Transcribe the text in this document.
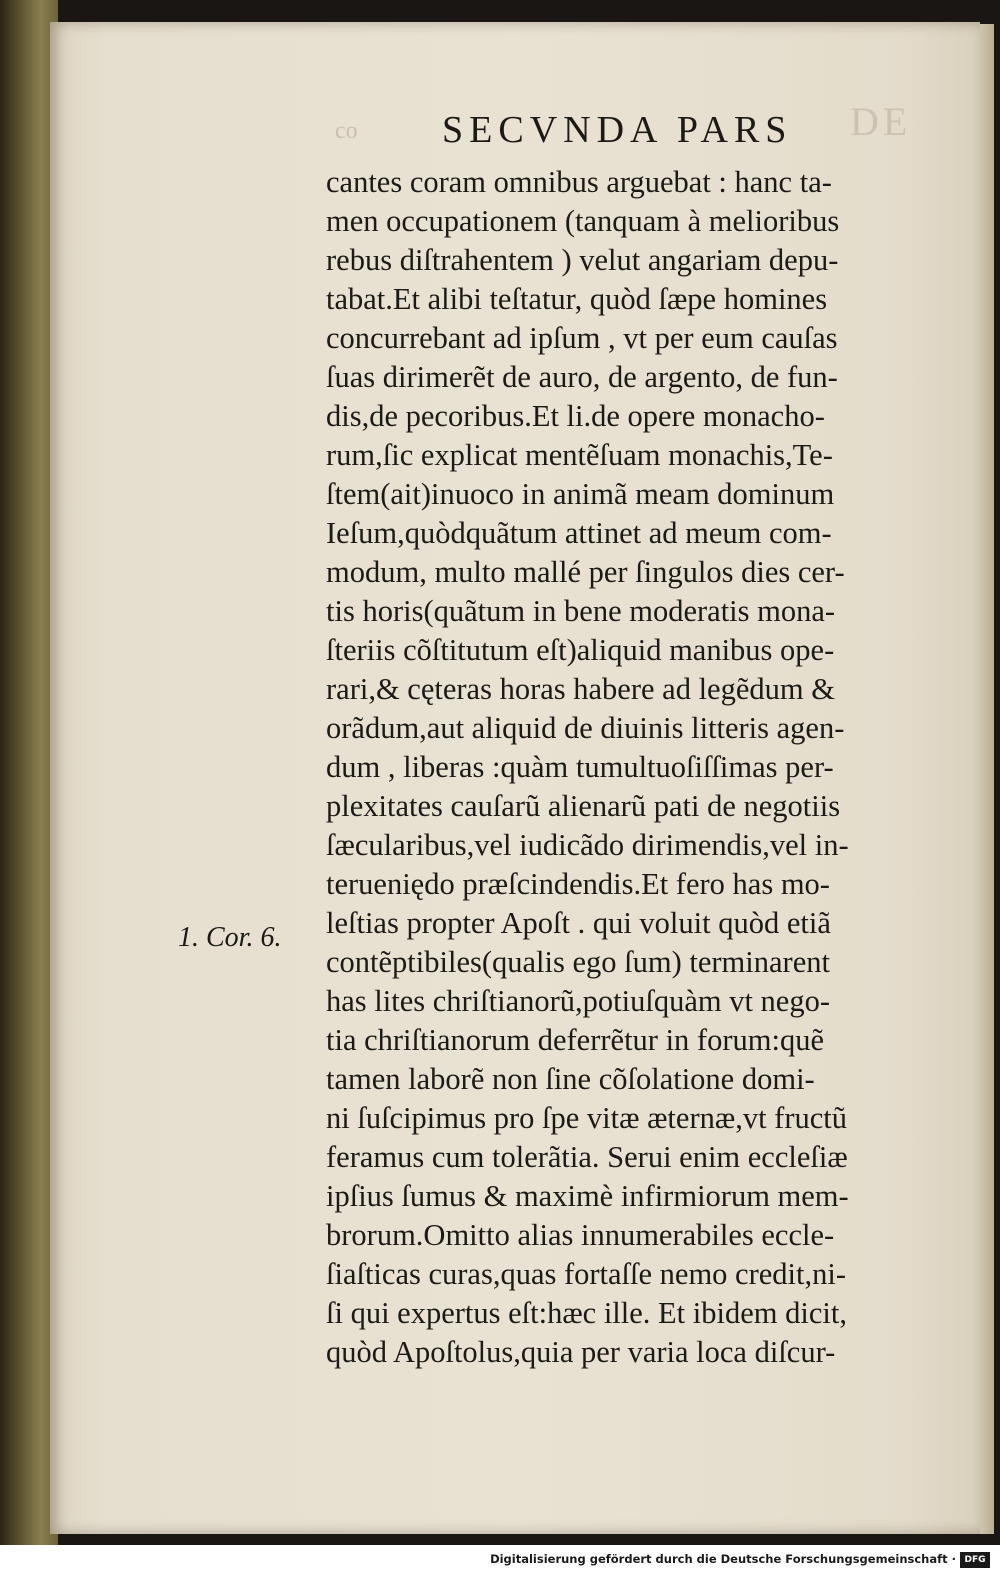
DE
co SECVNDA PARS
cantes coram omnibus arguebat : hanc ta-
men occupationem (tanquam à melioribus
rebus diſtrahentem ) velut angariam depu-
tabat.Et alibi teſtatur, quòd ſæpe homines
concurrebant ad ipſum , vt per eum cauſas
ſuas dirimerẽt de auro, de argento, de fun-
dis,de pecoribus.Et li.de opere monacho-
rum,ſic explicat mentẽſuam monachis,Te-
ſtem(ait)inuoco in animã meam dominum
Ieſum,quòdquãtum attinet ad meum com-
modum, multo mallé per ſingulos dies cer-
tis horis(quãtum in bene moderatis mona-
ſteriis cõſtitutum eſt)aliquid manibus ope-
rari,& cęteras horas habere ad legẽdum &
orãdum,aut aliquid de diuinis litteris agen-
dum , liberas :quàm tumultuoſiſſimas per-
plexitates cauſarũ alienarũ pati de negotiis
ſæcularibus,vel iudicãdo dirimendis,vel in-
terueniędo præſcindendis.Et fero has mo-
leſtias propter Apoſt . qui voluit quòd etiã
contẽptibiles(qualis ego ſum) terminarent
has lites chriſtianorũ,potiuſquàm vt nego-
tia chriſtianorum deferrẽtur in forum:quẽ
tamen laborẽ non ſine cõſolatione domi-
ni ſuſcipimus pro ſpe vitæ æternæ,vt fructũ
feramus cum tolerãtia. Serui enim eccleſiæ
ipſius ſumus & maximè infirmiorum mem-
brorum.Omitto alias innumerabiles eccle-
ſiaſticas curas,quas fortaſſe nemo credit,ni-
ſi qui expertus eſt:hæc ille. Et ibidem dicit,
quòd Apoſtolus,quia per varia loca diſcur-
1. Cor. 6.
Digitalisierung gefördert durch die Deutsche Forschungsgemeinschaft · DFG
